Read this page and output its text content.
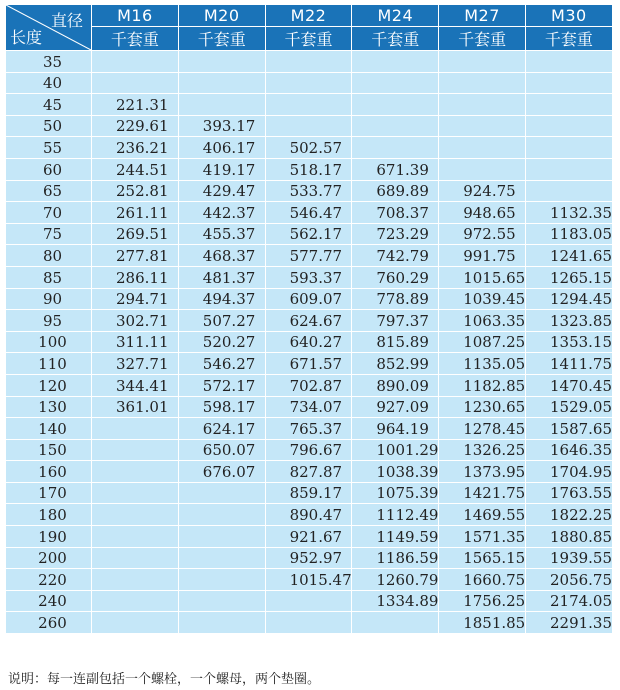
直径
长度	M16	M20	M22	M24	M27	M30
	千套重	千套重	千套重	千套重	千套重	千套重
35						
40						
45	221.31					
50	229.61	393.17				
55	236.21	406.17	502.57			
60	244.51	419.17	518.17	671.39		
65	252.81	429.47	533.77	689.89	924.75	
70	261.11	442.37	546.47	708.37	948.65	1132.35
75	269.51	455.37	562.17	723.29	972.55	1183.05
80	277.81	468.37	577.77	742.79	991.75	1241.65
85	286.11	481.37	593.37	760.29	1015.65	1265.15
90	294.71	494.37	609.07	778.89	1039.45	1294.45
95	302.71	507.27	624.67	797.37	1063.35	1323.85
100	311.11	520.27	640.27	815.89	1087.25	1353.15
110	327.71	546.27	671.57	852.99	1135.05	1411.75
120	344.41	572.17	702.87	890.09	1182.85	1470.45
130	361.01	598.17	734.07	927.09	1230.65	1529.05
140		624.17	765.37	964.19	1278.45	1587.65
150		650.07	796.67	1001.29	1326.25	1646.35
160		676.07	827.87	1038.39	1373.95	1704.95
170			859.17	1075.39	1421.75	1763.55
180			890.47	1112.49	1469.55	1822.25
190			921.67	1149.59	1571.35	1880.85
200			952.97	1186.59	1565.15	1939.55
220			1015.47	1260.79	1660.75	2056.75
240				1334.89	1756.25	2174.05
260					1851.85	2291.35
说明：每一连副包括一个螺栓，一个螺母，两个垫圈。
